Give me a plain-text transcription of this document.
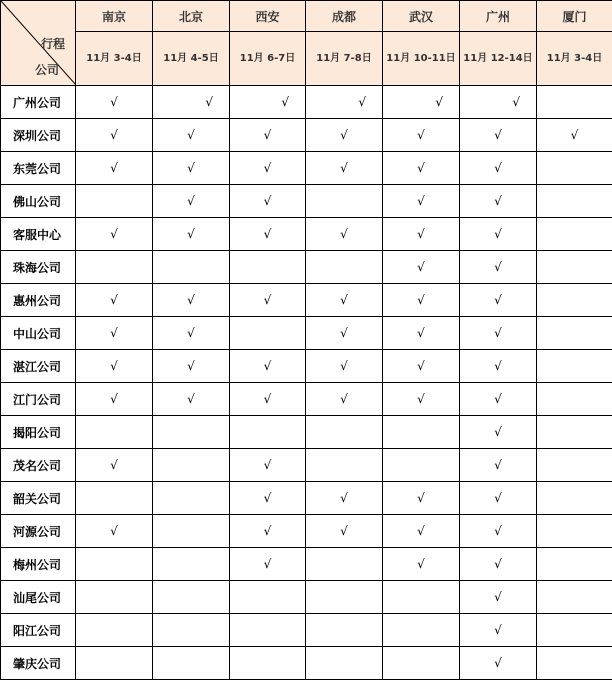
行程
公司	南京	北京	西安	成都	武汉	广州	厦门
	11月 3-4日	11月 4-5日	11月 6-7日	11月 7-8日	11月 10-11日	11月 12-14日	11月 3-4日
广州公司	√	√	√	√	√	√	
深圳公司	√	√	√	√	√	√	√
东莞公司	√	√	√	√	√	√	
佛山公司		√	√		√	√	
客服中心	√	√	√	√	√	√	
珠海公司					√	√	
惠州公司	√	√	√	√	√	√	
中山公司	√	√		√	√	√	
湛江公司	√	√	√	√	√	√	
江门公司	√	√	√	√	√	√	
揭阳公司						√	
茂名公司	√		√			√	
韶关公司			√	√	√	√	
河源公司	√		√	√	√	√	
梅州公司			√		√	√	
汕尾公司						√	
阳江公司						√	
肇庆公司						√	
